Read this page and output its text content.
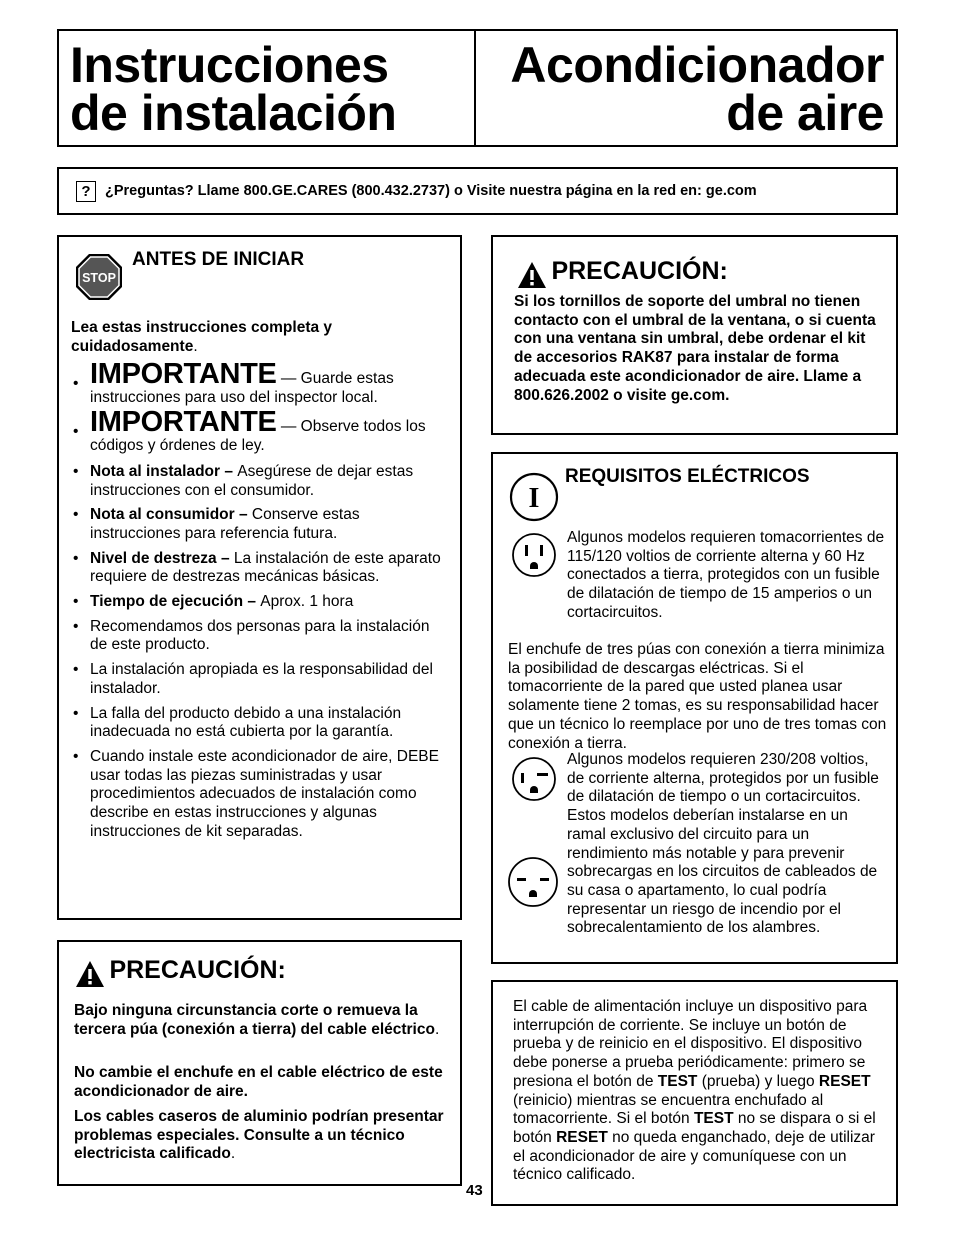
Instrucciones
de instalación
Acondicionador
de aire
? ¿Preguntas? Llame 800.GE.CARES (800.432.2737) o Visite nuestra página en la red en: ge.com
STOP
ANTES DE INICIAR
Lea estas instrucciones completa y cuidadosamente.
• IMPORTANTE — Guarde estas instrucciones para uso del inspector local.
• IMPORTANTE — Observe todos los códigos y órdenes de ley.
• Nota al instalador – Asegúrese de dejar estas instrucciones con el consumidor.
• Nota al consumidor – Conserve estas instrucciones para referencia futura.
• Nivel de destreza – La instalación de este aparato requiere de destrezas mecánicas básicas.
• Tiempo de ejecución – Aprox. 1 hora
• Recomendamos dos personas para la instalación de este producto.
• La instalación apropiada es la responsabilidad del instalador.
• La falla del producto debido a una instalación inadecuada no está cubierta por la garantía.
• Cuando instale este acondicionador de aire, DEBE usar todas las piezas suministradas y usar procedimientos adecuados de instalación como describe en estas instrucciones y algunas instrucciones de kit separadas.
PRECAUCIÓN:
Bajo ninguna circunstancia corte o remueva la tercera púa (conexión a tierra) del cable eléctrico.
No cambie el enchufe en el cable eléctrico de este acondicionador de aire.
Los cables caseros de aluminio podrían presentar problemas especiales. Consulte a un técnico electricista calificado.
PRECAUCIÓN:
Si los tornillos de soporte del umbral no tienen contacto con el umbral de la ventana, o si cuenta con una ventana sin umbral, debe ordenar el kit de accesorios RAK87 para instalar de forma adecuada este acondicionador de aire. Llame a 800.626.2002 o visite ge.com.
I
REQUISITOS ELÉCTRICOS
Algunos modelos requieren tomacorrientes de 115/120 voltios de corriente alterna y 60 Hz conectados a tierra, protegidos con un fusible de dilatación de tiempo de 15 amperios o un cortacircuitos.
El enchufe de tres púas con conexión a tierra minimiza la posibilidad de descargas eléctricas. Si el tomacorriente de la pared que usted planea usar solamente tiene 2 tomas, es su responsabilidad hacer que un técnico lo reemplace por uno de tres tomas con conexión a tierra.
Algunos modelos requieren 230/208 voltios, de corriente alterna, protegidos por un fusible de dilatación de tiempo o un cortacircuitos. Estos modelos deberían instalarse en un ramal exclusivo del circuito para un rendimiento más notable y para prevenir sobrecargas en los circuitos de cableados de su casa o apartamento, lo cual podría representar un riesgo de incendio por el sobrecalentamiento de los alambres.
El cable de alimentación incluye un dispositivo para interrupción de corriente. Se incluye un botón de prueba y de reinicio en el dispositivo. El dispositivo debe ponerse a prueba periódicamente: primero se presiona el botón de TEST (prueba) y luego RESET (reinicio) mientras se encuentra enchufado al tomacorriente. Si el botón TEST no se dispara o si el botón RESET no queda enganchado, deje de utilizar el acondicionador de aire y comuníquese con un técnico calificado.
43
